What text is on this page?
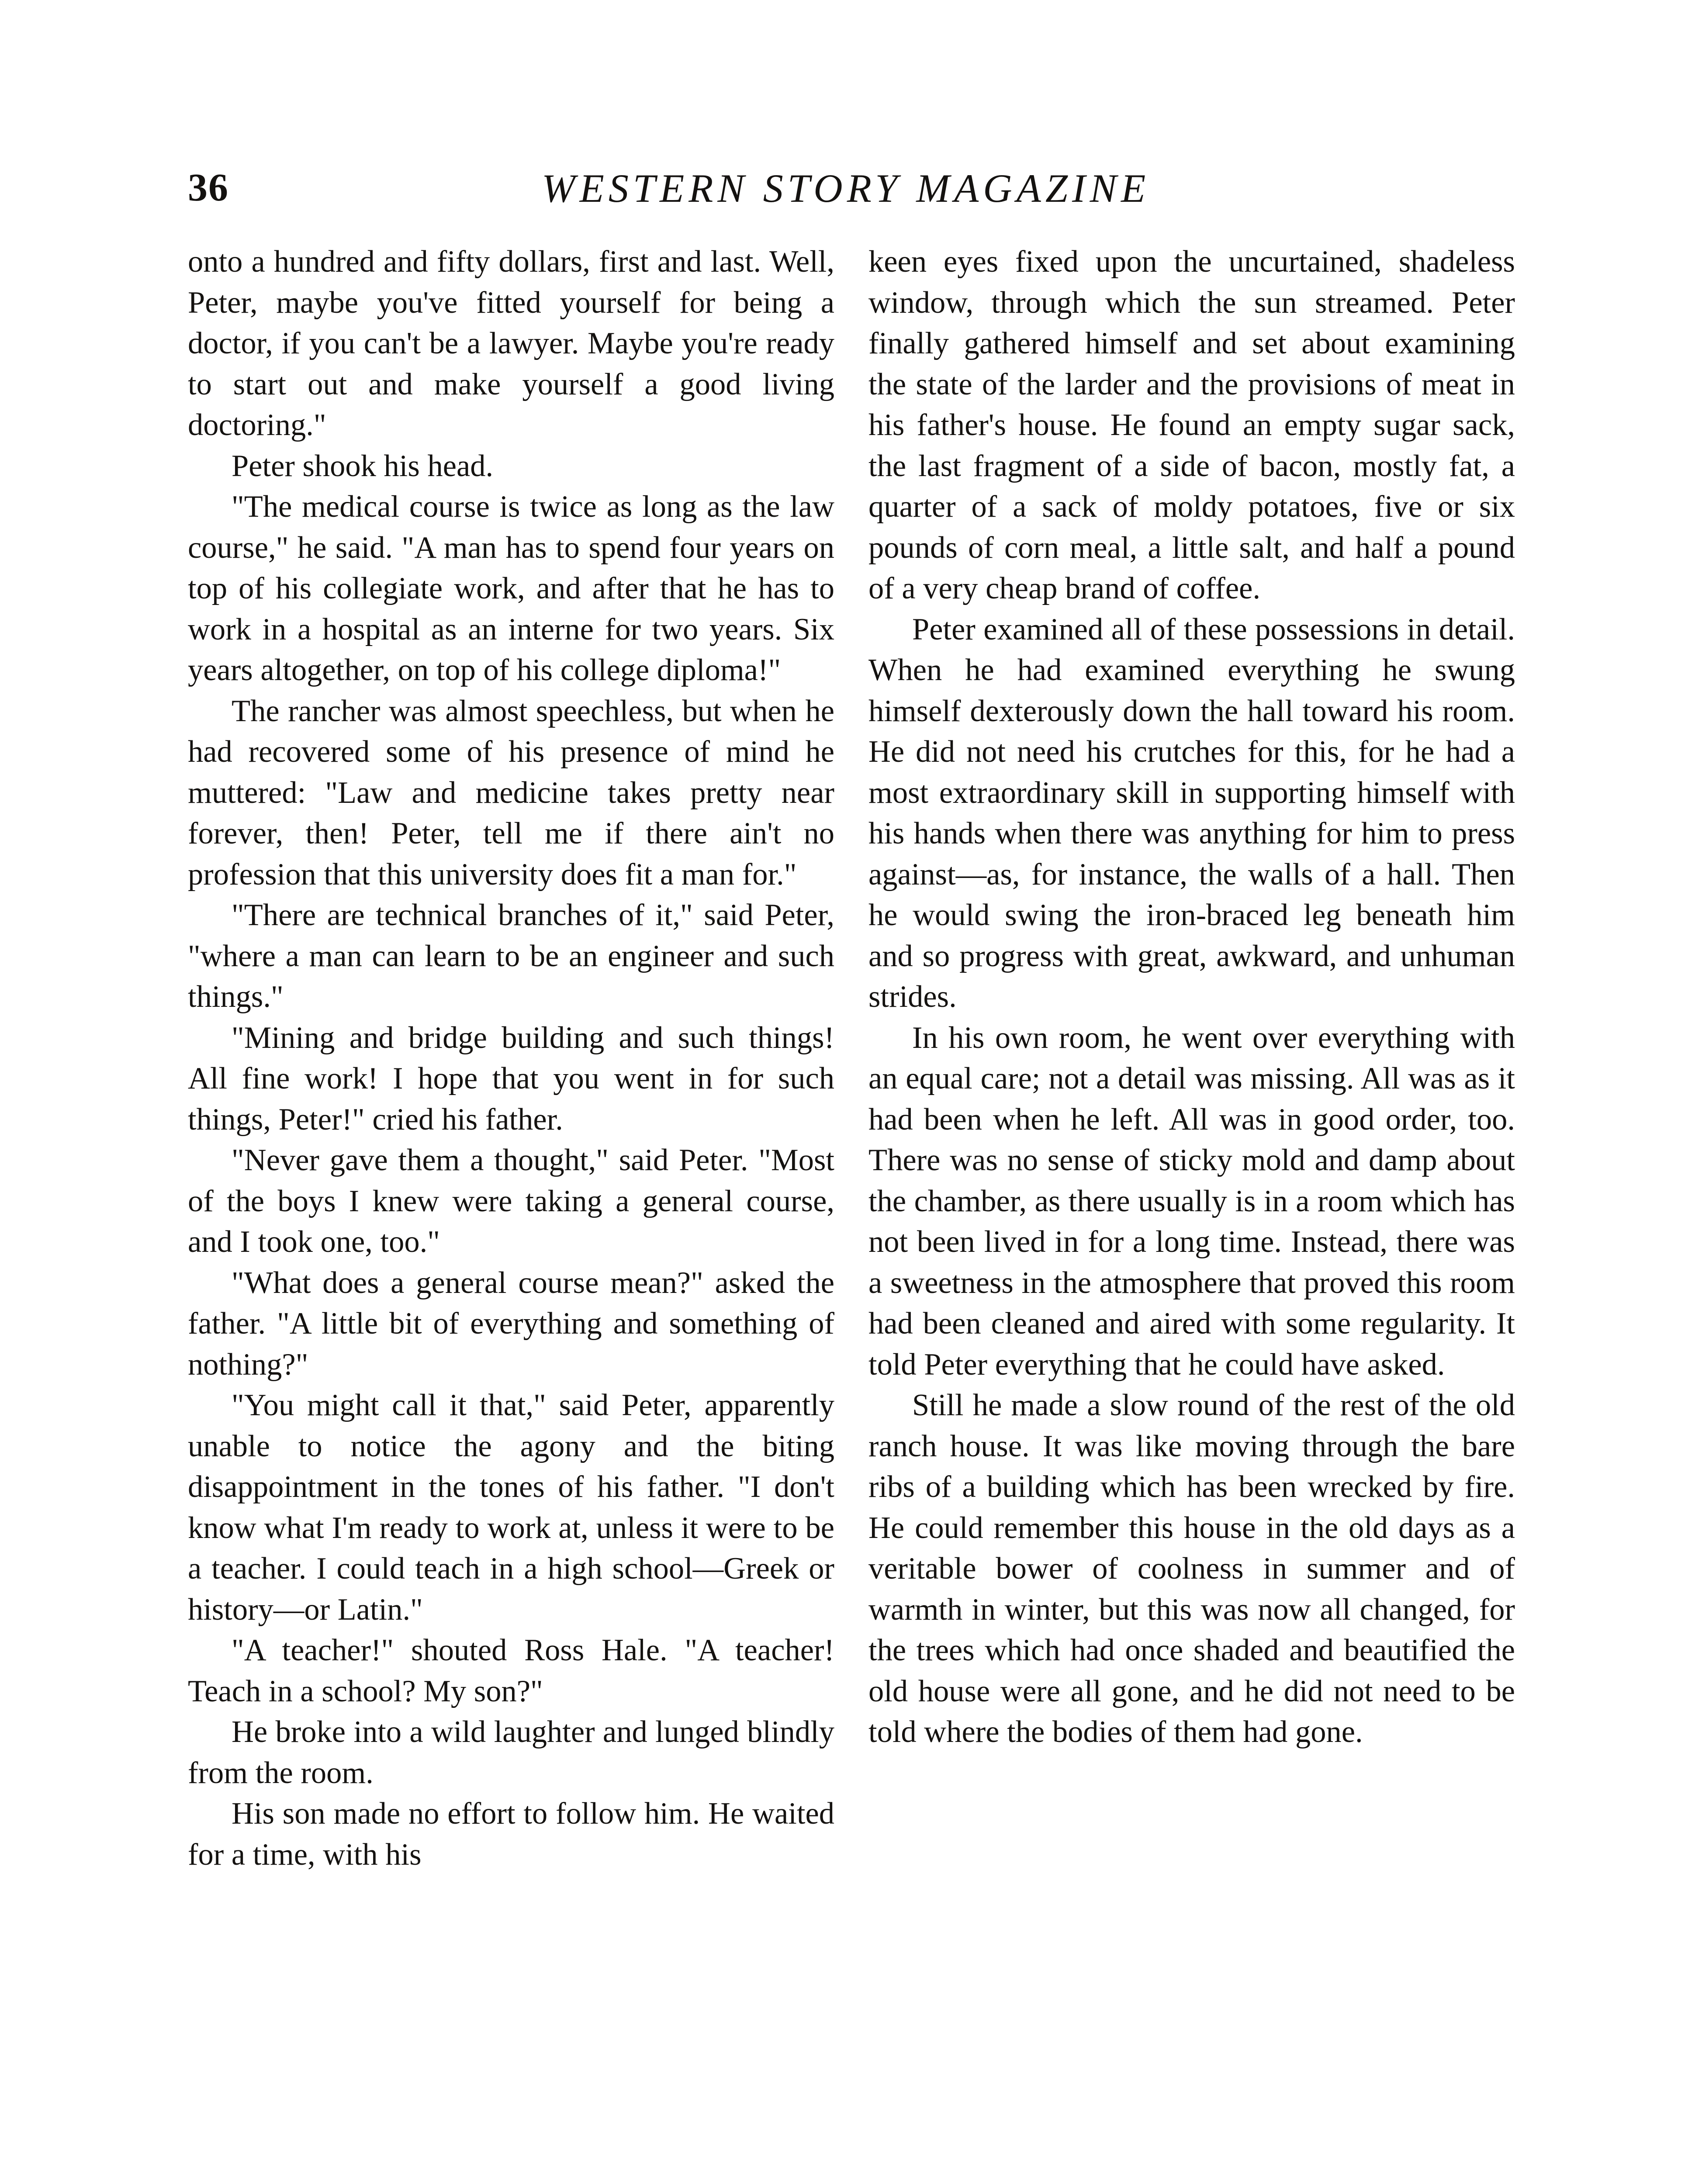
36	WESTERN STORY MAGAZINE

onto a hundred and fifty dollars, first and last. Well, Peter, maybe you've fitted yourself for being a doctor, if you can't be a lawyer. Maybe you're ready to start out and make yourself a good living doctoring."

Peter shook his head.

"The medical course is twice as long as the law course," he said. "A man has to spend four years on top of his collegiate work, and after that he has to work in a hospital as an interne for two years. Six years altogether, on top of his college diploma!"

The rancher was almost speechless, but when he had recovered some of his presence of mind he muttered: "Law and medicine takes pretty near forever, then! Peter, tell me if there ain't no profession that this university does fit a man for."

"There are technical branches of it," said Peter, "where a man can learn to be an engineer and such things."

"Mining and bridge building and such things! All fine work! I hope that you went in for such things, Peter!" cried his father.

"Never gave them a thought," said Peter. "Most of the boys I knew were taking a general course, and I took one, too."

"What does a general course mean?" asked the father. "A little bit of everything and something of nothing?"

"You might call it that," said Peter, apparently unable to notice the agony and the biting disappointment in the tones of his father. "I don't know what I'm ready to work at, unless it were to be a teacher. I could teach in a high school—Greek or history—or Latin."

"A teacher!" shouted Ross Hale. "A teacher! Teach in a school? My son?"

He broke into a wild laughter and lunged blindly from the room.

His son made no effort to follow him. He waited for a time, with his

keen eyes fixed upon the uncurtained, shadeless window, through which the sun streamed. Peter finally gathered himself and set about examining the state of the larder and the provisions of meat in his father's house. He found an empty sugar sack, the last fragment of a side of bacon, mostly fat, a quarter of a sack of moldy potatoes, five or six pounds of corn meal, a little salt, and half a pound of a very cheap brand of coffee.

Peter examined all of these possessions in detail. When he had examined everything he swung himself dexterously down the hall toward his room. He did not need his crutches for this, for he had a most extraordinary skill in supporting himself with his hands when there was anything for him to press against—as, for instance, the walls of a hall. Then he would swing the iron-braced leg beneath him and so progress with great, awkward, and unhuman strides.

In his own room, he went over everything with an equal care; not a detail was missing. All was as it had been when he left. All was in good order, too. There was no sense of sticky mold and damp about the chamber, as there usually is in a room which has not been lived in for a long time. Instead, there was a sweetness in the atmosphere that proved this room had been cleaned and aired with some regularity. It told Peter everything that he could have asked.

Still he made a slow round of the rest of the old ranch house. It was like moving through the bare ribs of a building which has been wrecked by fire. He could remember this house in the old days as a veritable bower of coolness in summer and of warmth in winter, but this was now all changed, for the trees which had once shaded and beautified the old house were all gone, and he did not need to be told where the bodies of them had gone.
